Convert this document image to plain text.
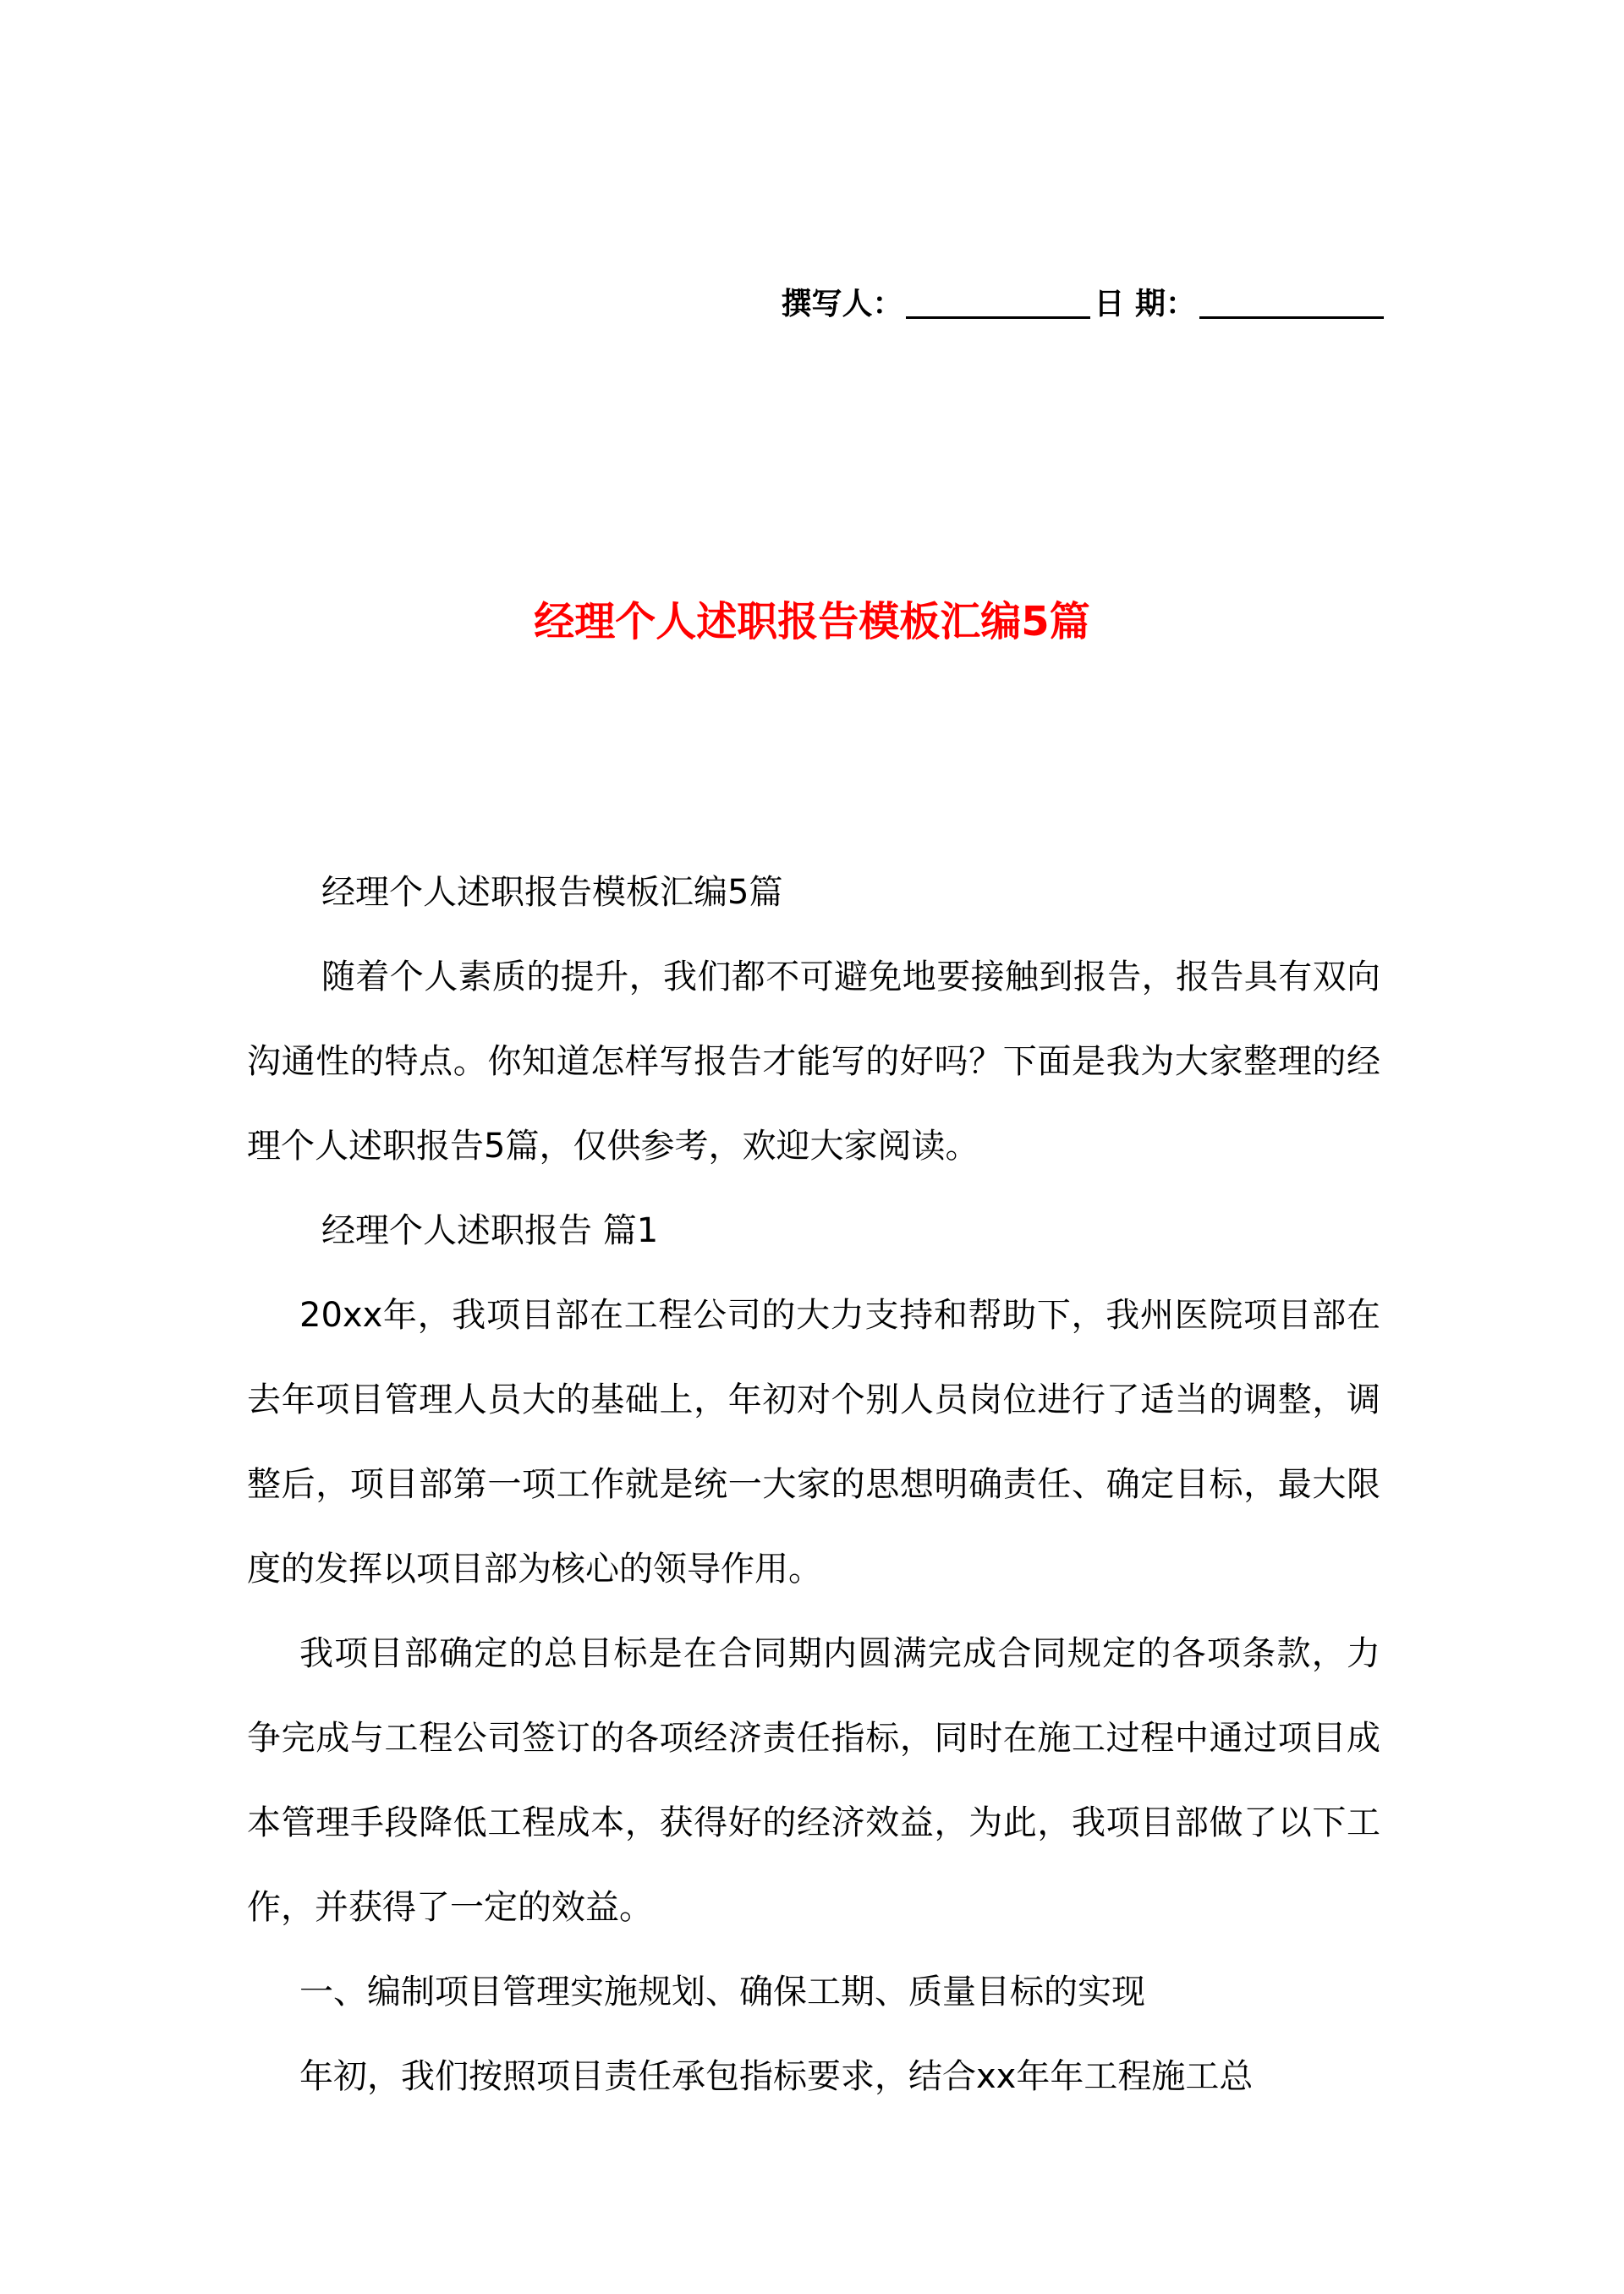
撰写人：	日 期：
经理个人述职报告模板汇编5篇

经理个人述职报告模板汇编5篇

随着个人素质的提升，我们都不可避免地要接触到报告，报告具有双向沟通性的特点。你知道怎样写报告才能写的好吗？下面是我为大家整理的经理个人述职报告5篇，仅供参考，欢迎大家阅读。

经理个人述职报告 篇1

20xx年，我项目部在工程公司的大力支持和帮助下，我州医院项目部在去年项目管理人员大的基础上，年初对个别人员岗位进行了适当的调整，调整后，项目部第一项工作就是统一大家的思想明确责任、确定目标，最大限度的发挥以项目部为核心的领导作用。

我项目部确定的总目标是在合同期内圆满完成合同规定的各项条款，力争完成与工程公司签订的各项经济责任指标，同时在施工过程中通过项目成本管理手段降低工程成本，获得好的经济效益，为此，我项目部做了以下工作，并获得了一定的效益。

一、编制项目管理实施规划、确保工期、质量目标的实现

年初，我们按照项目责任承包指标要求，结合xx年年工程施工总
